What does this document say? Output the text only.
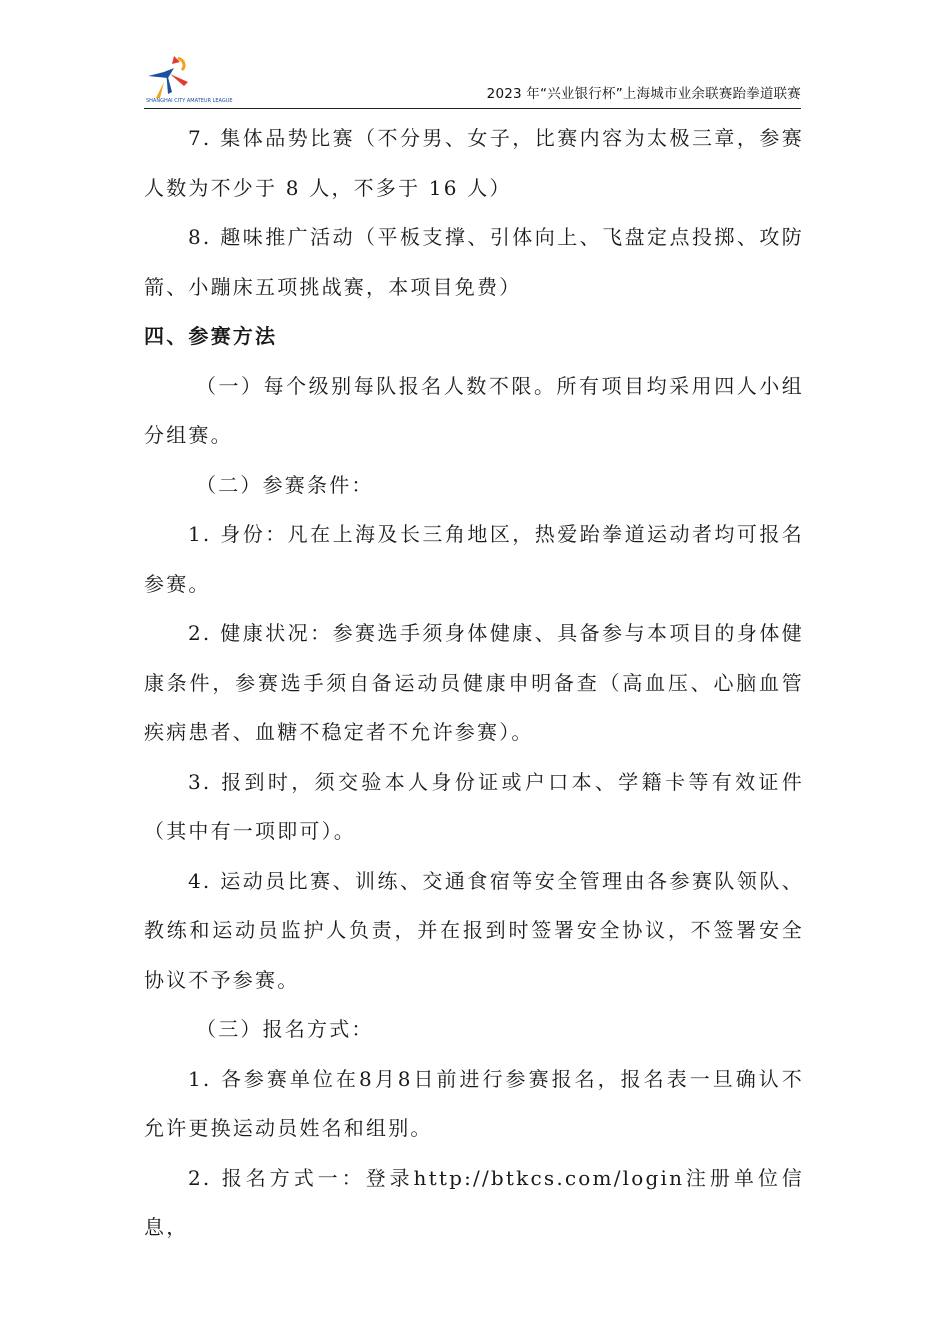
SHANGHAI CITY AMATEUR LEAGUE	2023 年“兴业银行杯”上海城市业余联赛跆拳道联赛

7. 集体品势比赛（不分男、女子，比赛内容为太极三章，参赛人数为不少于 8 人，不多于 16 人）

8. 趣味推广活动（平板支撑、引体向上、飞盘定点投掷、攻防箭、小蹦床五项挑战赛，本项目免费）

四、参赛方法

（一）每个级别每队报名人数不限。所有项目均采用四人小组分组赛。

（二）参赛条件：

1. 身份：凡在上海及长三角地区，热爱跆拳道运动者均可报名参赛。

2. 健康状况：参赛选手须身体健康、具备参与本项目的身体健康条件，参赛选手须自备运动员健康申明备查（高血压、心脑血管疾病患者、血糖不稳定者不允许参赛）。

3. 报到时，须交验本人身份证或户口本、学籍卡等有效证件（其中有一项即可）。

4. 运动员比赛、训练、交通食宿等安全管理由各参赛队领队、教练和运动员监护人负责，并在报到时签署安全协议，不签署安全协议不予参赛。

（三）报名方式：

1. 各参赛单位在8月8日前进行参赛报名，报名表一旦确认不允许更换运动员姓名和组别。

2. 报名方式一：登录http://btkcs.com/login注册单位信息，
